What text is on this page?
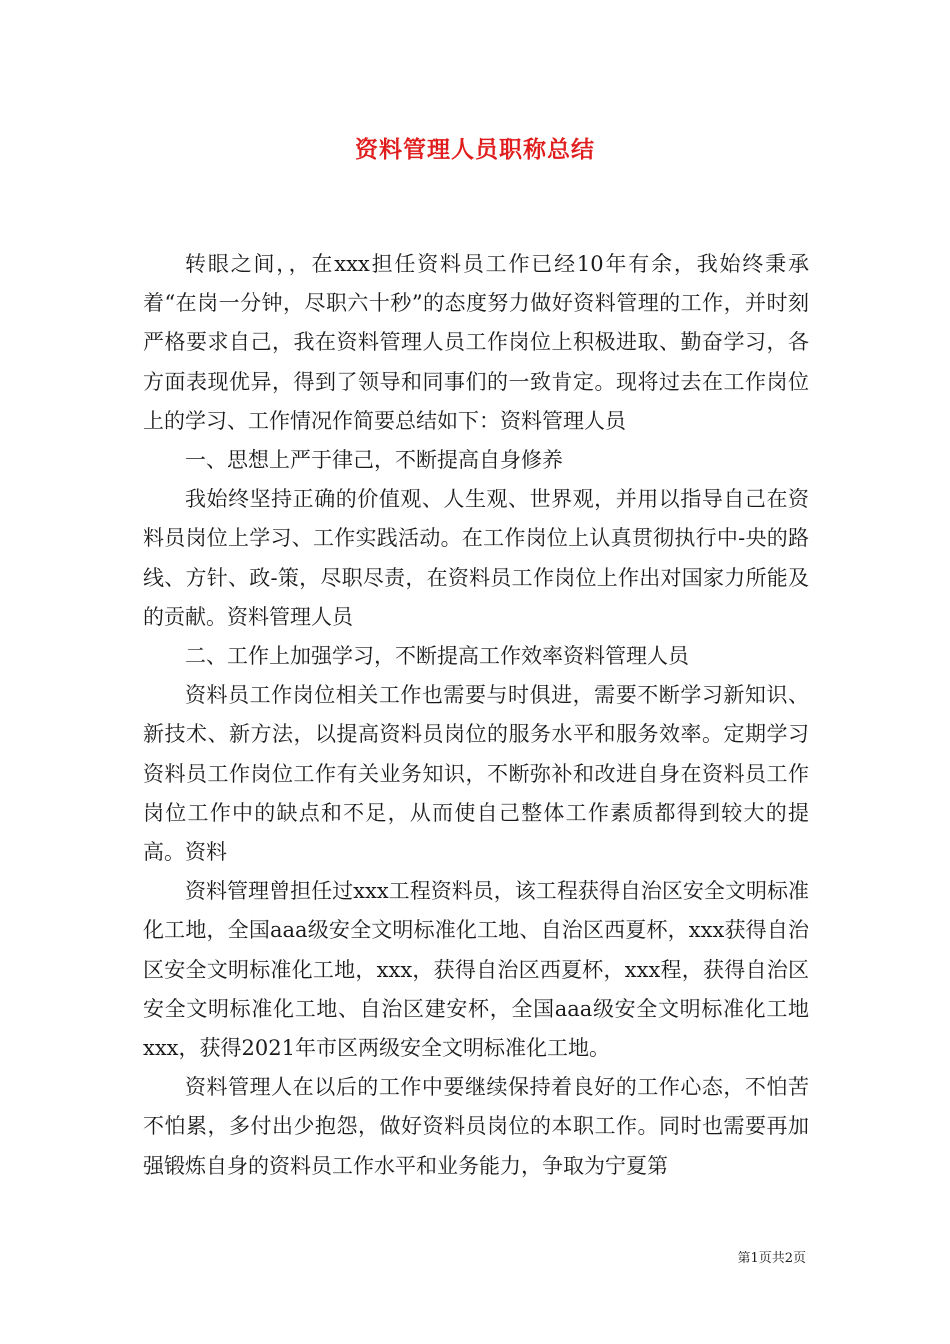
资料管理人员职称总结

转眼之间，，在xxx担任资料员工作已经10年有余，我始终秉承着“在岗一分钟，尽职六十秒”的态度努力做好资料管理的工作，并时刻严格要求自己，我在资料管理人员工作岗位上积极进取、勤奋学习，各方面表现优异，得到了领导和同事们的一致肯定。现将过去在工作岗位上的学习、工作情况作简要总结如下：资料管理人员

一、思想上严于律己，不断提高自身修养

我始终坚持正确的价值观、人生观、世界观，并用以指导自己在资料员岗位上学习、工作实践活动。在工作岗位上认真贯彻执行中-央的路线、方针、政-策，尽职尽责，在资料员工作岗位上作出对国家力所能及的贡献。资料管理人员

二、工作上加强学习，不断提高工作效率资料管理人员

资料员工作岗位相关工作也需要与时俱进，需要不断学习新知识、新技术、新方法，以提高资料员岗位的服务水平和服务效率。定期学习资料员工作岗位工作有关业务知识，不断弥补和改进自身在资料员工作岗位工作中的缺点和不足，从而使自己整体工作素质都得到较大的提高。资料

资料管理曾担任过xxx工程资料员，该工程获得自治区安全文明标准化工地，全国aaa级安全文明标准化工地、自治区西夏杯，xxx获得自治区安全文明标准化工地，xxx，获得自治区西夏杯，xxx程，获得自治区安全文明标准化工地、自治区建安杯，全国aaa级安全文明标准化工地xxx，获得2021年市区两级安全文明标准化工地。

资料管理人在以后的工作中要继续保持着良好的工作心态，不怕苦不怕累，多付出少抱怨，做好资料员岗位的本职工作。同时也需要再加强锻炼自身的资料员工作水平和业务能力，争取为宁夏第

第1页共2页
